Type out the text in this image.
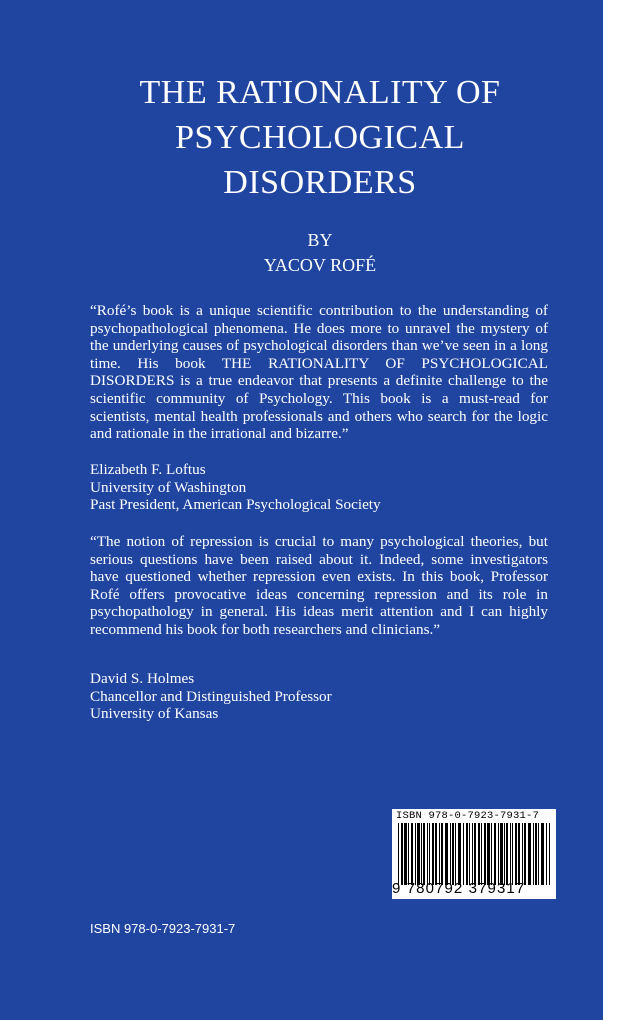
THE RATIONALITY OF
PSYCHOLOGICAL
DISORDERS
BY
YACOV ROFÉ
“Rofé’s book is a unique scientific contribution to the understanding of psychopathological phenomena. He does more to unravel the mystery of the underlying causes of psychological disorders than we’ve seen in a long time. His book THE RATIONALITY OF PSYCHOLOGICAL DISORDERS is a true endeavor that presents a definite challenge to the scientific community of Psychology. This book is a must-read for scientists, mental health professionals and others who search for the logic and rationale in the irrational and bizarre.”
Elizabeth F. Loftus
University of Washington
Past President, American Psychological Society
“The notion of repression is crucial to many psychological theories, but serious questions have been raised about it. Indeed, some investigators have questioned whether repression even exists. In this book, Professor Rofé offers provocative ideas concerning repression and its role in psychopathology in general. His ideas merit attention and I can highly recommend his book for both researchers and clinicians.”
David S. Holmes
Chancellor and Distinguished Professor
University of Kansas
ISBN 978-0-7923-7931-7
9 780792 379317
ISBN 978-0-7923-7931-7
